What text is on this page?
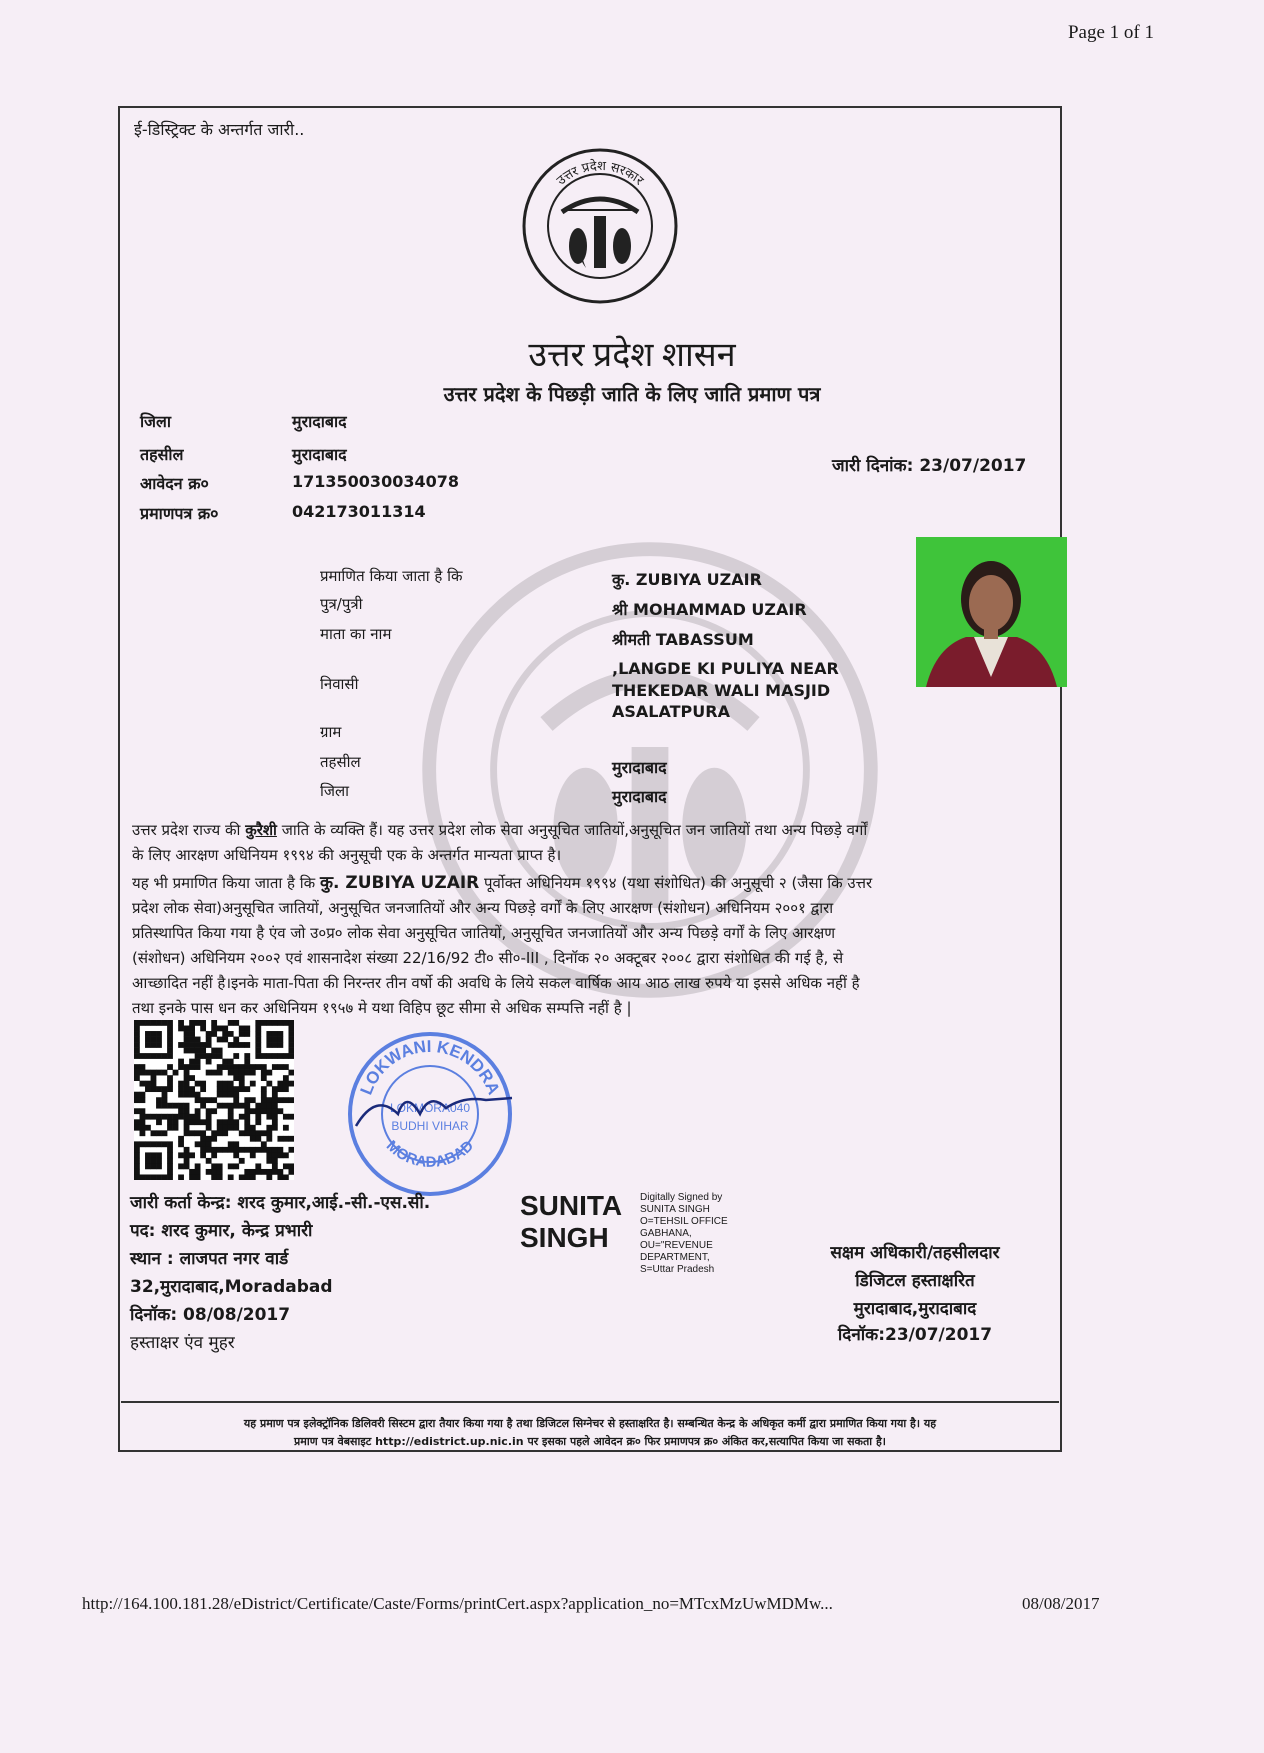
Page 1 of 1
ई-डिस्ट्रिक्ट के अन्तर्गत जारी..
उत्तर प्रदेश सरकार
उत्तर प्रदेश शासन
उत्तर प्रदेश के पिछड़ी जाति के लिए जाति प्रमाण पत्र
जिला	मुरादाबाद
तहसील	मुरादाबाद
आवेदन क्र०	171350030034078
प्रमाणपत्र क्र०	042173011314
जारी दिनांक: 23/07/2017
प्रमाणित किया जाता है कि	कु. ZUBIYA UZAIR
पुत्र/पुत्री	श्री MOHAMMAD UZAIR
माता का नाम	श्रीमती TABASSUM
निवासी
,LANGDE KI PULIYA NEAR
THEKEDAR WALI MASJID
ASALATPURA
ग्राम
तहसील	मुरादाबाद
जिला	मुरादाबाद
उत्तर प्रदेश राज्य की कुरैशी जाति के व्यक्ति हैं। यह उत्तर प्रदेश लोक सेवा अनुसूचित जातियों,अनुसूचित जन जातियों तथा अन्य पिछड़े वर्गों
के लिए आरक्षण अधिनियम १९९४ की अनुसूची एक के अन्तर्गत मान्यता प्राप्त है।
यह भी प्रमाणित किया जाता है कि कु. ZUBIYA UZAIR पूर्वोक्त अधिनियम १९९४ (यथा संशोधित) की अनुसूची २ (जैसा कि उत्तर
प्रदेश लोक सेवा)अनुसूचित जातियों, अनुसूचित जनजातियों और अन्य पिछड़े वर्गों के लिए आरक्षण (संशोधन) अधिनियम २००१ द्वारा
प्रतिस्थापित किया गया है एंव जो उ०प्र० लोक सेवा अनुसूचित जातियों, अनुसूचित जनजातियों और अन्य पिछड़े वर्गों के लिए आरक्षण
(संशोधन) अधिनियम २००२ एवं शासनादेश संख्या 22/16/92 टी० सी०-III , दिनॉक २० अक्टूबर २००८ द्वारा संशोधित की गई है, से
आच्छादित नहीं है।इनके माता-पिता की निरन्तर तीन वर्षो की अवधि के लिये सकल वार्षिक आय आठ लाख रुपये या इससे अधिक नहीं है
तथा इनके पास धन कर अधिनियम १९५७ मे यथा विहिप छूट सीमा से अधिक सम्पत्ति नहीं है |
LOKWANI KENDRA
MORADABAD
LOKMORA040
BUDHI VIHAR
जारी कर्ता केन्द्र: शरद कुमार,आई.-सी.-एस.सी.
पद: शरद कुमार, केन्द्र प्रभारी
स्थान : लाजपत नगर वार्ड
32,मुरादाबाद,Moradabad
दिनॉक: 08/08/2017
हस्ताक्षर एंव मुहर
SUNITA
SINGH
Digitally Signed by
SUNITA SINGH
O=TEHSIL OFFICE
GABHANA,
OU="REVENUE
DEPARTMENT,
S=Uttar Pradesh
सक्षम अधिकारी/तहसीलदार
डिजिटल हस्ताक्षरित
मुरादाबाद,मुरादाबाद
दिनॉक:23/07/2017
यह प्रमाण पत्र इलेक्ट्रॉनिक डिलिवरी सिस्टम द्वारा तैयार किया गया है तथा डिजिटल सिग्नेचर से हस्ताक्षरित है। सम्बन्धित केन्द्र के अधिकृत कर्मी द्वारा प्रमाणित किया गया है। यह
प्रमाण पत्र वेबसाइट http://edistrict.up.nic.in पर इसका पहले आवेदन क्र० फिर प्रमाणपत्र क्र० अंकित कर,सत्यापित किया जा सकता है।
http://164.100.181.28/eDistrict/Certificate/Caste/Forms/printCert.aspx?application_no=MTcxMzUwMDMw...	08/08/2017
